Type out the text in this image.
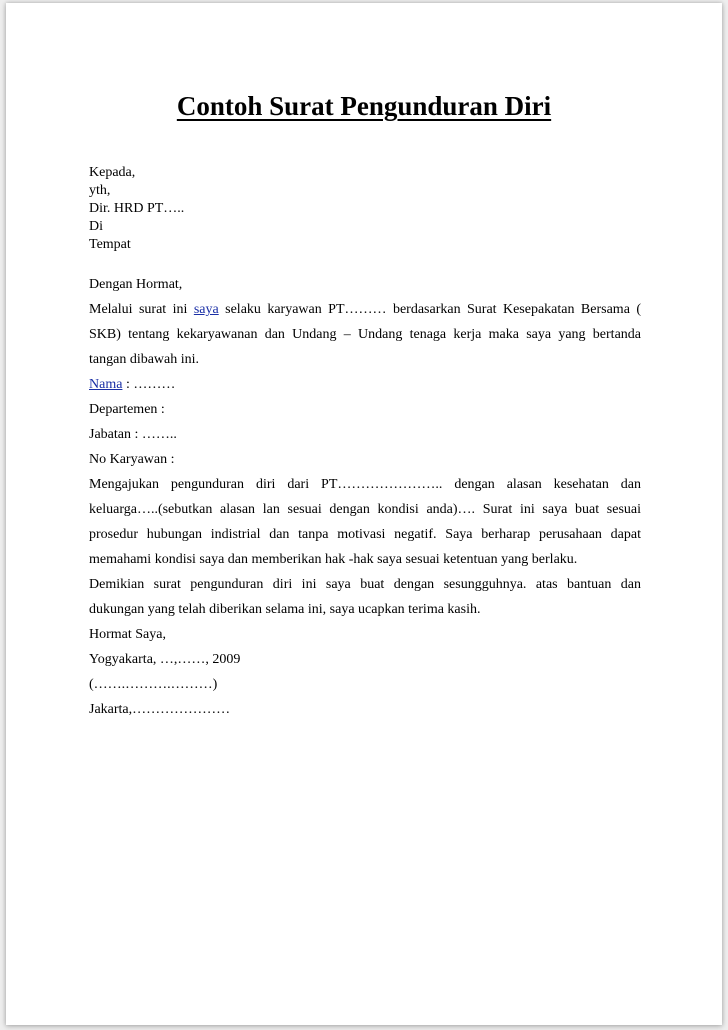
Contoh Surat Pengunduran Diri
Kepada,
yth,
Dir. HRD PT…..
Di
Tempat
Dengan Hormat,
Melalui surat ini saya selaku karyawan PT……… berdasarkan Surat Kesepakatan Bersama (
SKB) tentang kekaryawanan dan Undang – Undang tenaga kerja maka saya yang bertanda
tangan dibawah ini.
Nama : ………
Departemen :
Jabatan : ……..
No Karyawan :
Mengajukan pengunduran diri dari PT………………….. dengan alasan kesehatan dan
keluarga…..(sebutkan alasan lan sesuai dengan kondisi anda)…. Surat ini saya buat sesuai
prosedur hubungan indistrial dan tanpa motivasi negatif. Saya berharap perusahaan dapat
memahami kondisi saya dan memberikan hak -hak saya sesuai ketentuan yang berlaku.
Demikian surat pengunduran diri ini saya buat dengan sesungguhnya. atas bantuan dan
dukungan yang telah diberikan selama ini, saya ucapkan terima kasih.
Hormat Saya,
Yogyakarta, …,……, 2009
(…….……….………)
Jakarta,…………………
